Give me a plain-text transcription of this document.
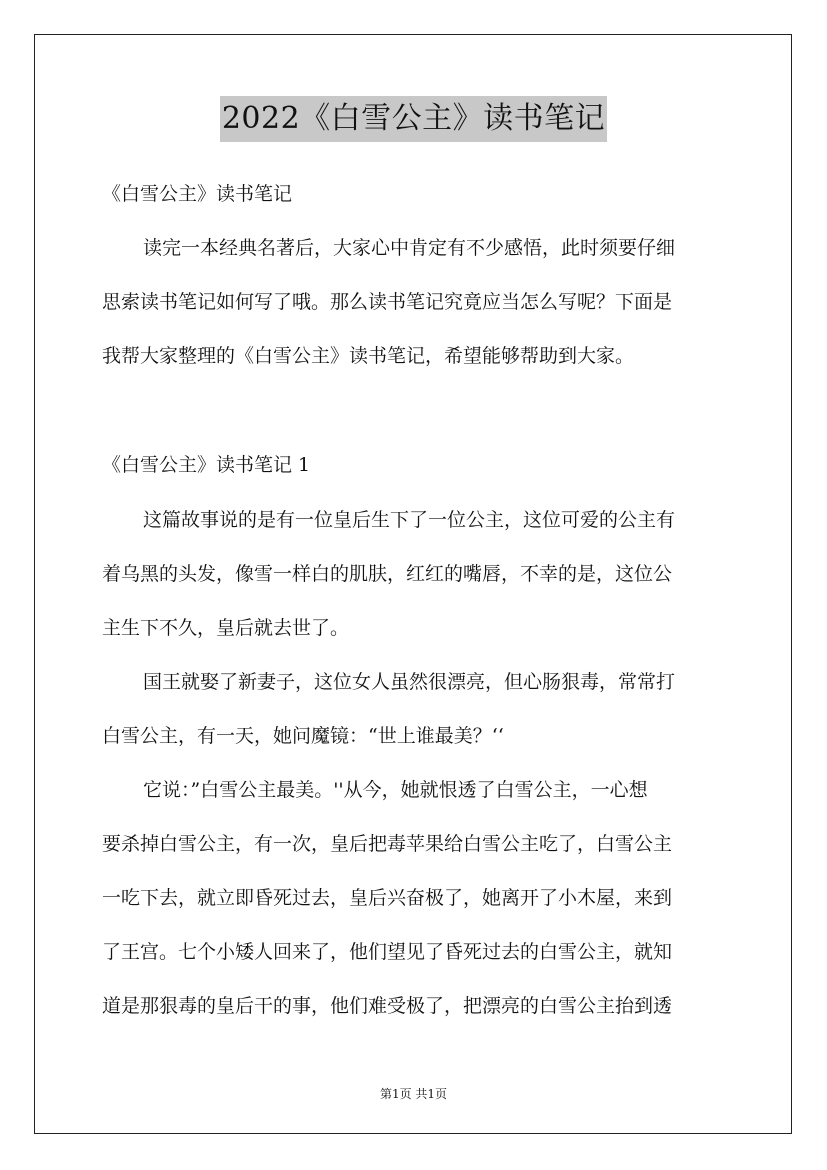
2022《白雪公主》读书笔记
《白雪公主》读书笔记
读完一本经典名著后，大家心中肯定有不少感悟，此时须要仔细
思索读书笔记如何写了哦。那么读书笔记究竟应当怎么写呢？下面是
我帮大家整理的《白雪公主》读书笔记，希望能够帮助到大家。
《白雪公主》读书笔记 1
这篇故事说的是有一位皇后生下了一位公主，这位可爱的公主有
着乌黑的头发，像雪一样白的肌肤，红红的嘴唇，不幸的是，这位公
主生下不久，皇后就去世了。
国王就娶了新妻子，这位女人虽然很漂亮，但心肠狠毒，常常打
白雪公主，有一天，她问魔镜：“世上谁最美？‘‘
它说：”白雪公主最美。''从今，她就恨透了白雪公主，一心想
要杀掉白雪公主，有一次，皇后把毒苹果给白雪公主吃了，白雪公主
一吃下去，就立即昏死过去，皇后兴奋极了，她离开了小木屋，来到
了王宫。七个小矮人回来了，他们望见了昏死过去的白雪公主，就知
道是那狠毒的皇后干的事，他们难受极了，把漂亮的白雪公主抬到透
第1页 共1页
